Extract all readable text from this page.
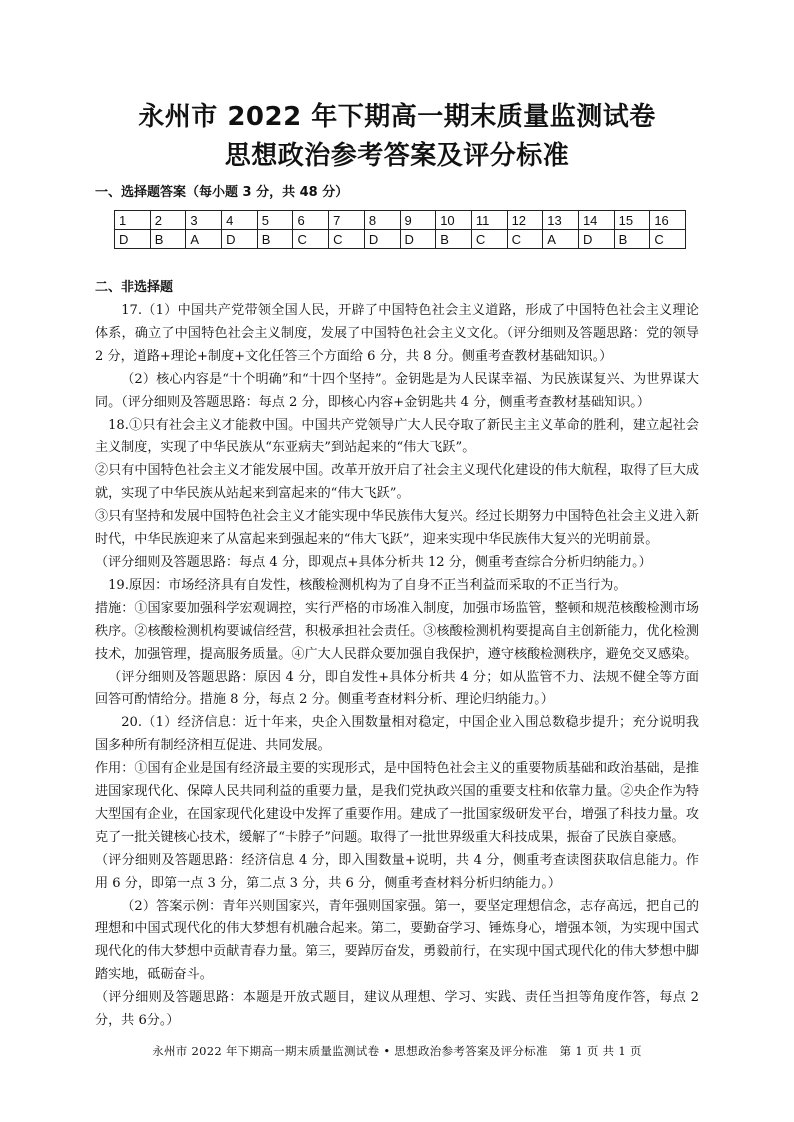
永州市 2022 年下期高一期末质量监测试卷
思想政治参考答案及评分标准
一、选择题答案（每小题 3 分，共 48 分）
1	2	3	4	5	6	7	8	9	10	11	12	13	14	15	16
D	B	A	D	B	C	C	D	D	B	C	C	A	D	B	C
二、非选择题

17.（1）中国共产党带领全国人民，开辟了中国特色社会主义道路，形成了中国特色社会主义理论体系，确立了中国特色社会主义制度，发展了中国特色社会主义文化。（评分细则及答题思路：党的领导 2 分，道路+理论+制度+文化任答三个方面给 6 分，共 8 分。侧重考查教材基础知识。）

（2）核心内容是“十个明确”和“十四个坚持”。金钥匙是为人民谋幸福、为民族谋复兴、为世界谋大同。（评分细则及答题思路：每点 2 分，即核心内容+金钥匙共 4 分，侧重考查教材基础知识。）

18.①只有社会主义才能救中国。中国共产党领导广大人民夺取了新民主主义革命的胜利，建立起社会主义制度，实现了中华民族从“东亚病夫”到站起来的“伟大飞跃”。

②只有中国特色社会主义才能发展中国。改革开放开启了社会主义现代化建设的伟大航程，取得了巨大成就，实现了中华民族从站起来到富起来的“伟大飞跃”。

③只有坚持和发展中国特色社会主义才能实现中华民族伟大复兴。经过长期努力中国特色社会主义进入新时代，中华民族迎来了从富起来到强起来的“伟大飞跃”，迎来实现中华民族伟大复兴的光明前景。

（评分细则及答题思路：每点 4 分，即观点+具体分析共 12 分，侧重考查综合分析归纳能力。）

19.原因：市场经济具有自发性，核酸检测机构为了自身不正当利益而采取的不正当行为。

措施：①国家要加强科学宏观调控，实行严格的市场准入制度，加强市场监管，整顿和规范核酸检测市场秩序。②核酸检测机构要诚信经营，积极承担社会责任。③核酸检测机构要提高自主创新能力，优化检测技术，加强管理，提高服务质量。④广大人民群众要加强自我保护，遵守核酸检测秩序，避免交叉感染。

（评分细则及答题思路：原因 4 分，即自发性+具体分析共 4 分；如从监管不力、法规不健全等方面回答可酌情给分。措施 8 分，每点 2 分。侧重考查材料分析、理论归纳能力。）

20.（1）经济信息：近十年来，央企入围数量相对稳定，中国企业入围总数稳步提升；充分说明我国多种所有制经济相互促进、共同发展。

作用：①国有企业是国有经济最主要的实现形式，是中国特色社会主义的重要物质基础和政治基础，是推进国家现代化、保障人民共同利益的重要力量，是我们党执政兴国的重要支柱和依靠力量。②央企作为特大型国有企业，在国家现代化建设中发挥了重要作用。建成了一批国家级研发平台，增强了科技力量。攻克了一批关键核心技术，缓解了“卡脖子”问题。取得了一批世界级重大科技成果，振奋了民族自豪感。

（评分细则及答题思路：经济信息 4 分，即入围数量+说明，共 4 分，侧重考查读图获取信息能力。作用 6 分，即第一点 3 分，第二点 3 分，共 6 分，侧重考查材料分析归纳能力。）

（2）答案示例：青年兴则国家兴，青年强则国家强。第一，要坚定理想信念，志存高远，把自己的理想和中国式现代化的伟大梦想有机融合起来。第二，要勤奋学习、锤炼身心，增强本领，为实现中国式现代化的伟大梦想中贡献青春力量。第三，要踔厉奋发，勇毅前行，在实现中国式现代化的伟大梦想中脚踏实地，砥砺奋斗。

（评分细则及答题思路：本题是开放式题目，建议从理想、学习、实践、责任当担等角度作答，每点 2 分，共 6分。）

永州市 2022 年下期高一期末质量监测试卷 • 思想政治参考答案及评分标准　第 1 页 共 1 页
